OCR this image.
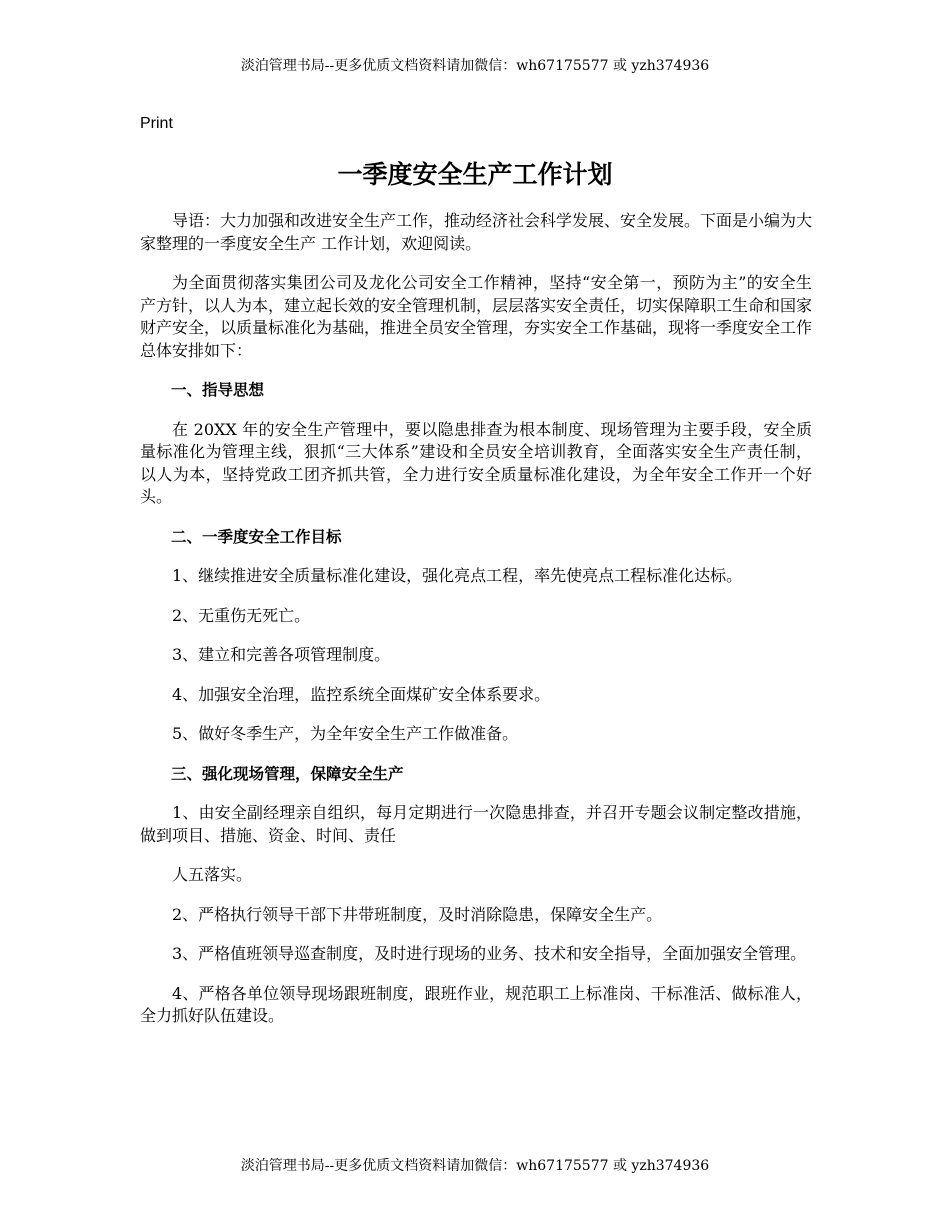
淡泊管理书局--更多优质文档资料请加微信：wh67175577 或 yzh374936
Print
一季度安全生产工作计划

导语：大力加强和改进安全生产工作，推动经济社会科学发展、安全发展。下面是小编为大家整理的一季度安全生产 工作计划，欢迎阅读。

为全面贯彻落实集团公司及龙化公司安全工作精神，坚持“安全第一，预防为主”的安全生产方针，以人为本，建立起长效的安全管理机制，层层落实安全责任，切实保障职工生命和国家财产安全，以质量标准化为基础，推进全员安全管理，夯实安全工作基础，现将一季度安全工作总体安排如下：

一、指导思想

在 20XX 年的安全生产管理中，要以隐患排查为根本制度、现场管理为主要手段，安全质量标准化为管理主线，狠抓“三大体系”建设和全员安全培训教育，全面落实安全生产责任制，以人为本，坚持党政工团齐抓共管，全力进行安全质量标准化建设，为全年安全工作开一个好头。

二、一季度安全工作目标

1、继续推进安全质量标准化建设，强化亮点工程，率先使亮点工程标准化达标。

2、无重伤无死亡。

3、建立和完善各项管理制度。

4、加强安全治理，监控系统全面煤矿安全体系要求。

5、做好冬季生产，为全年安全生产工作做准备。

三、强化现场管理，保障安全生产

1、由安全副经理亲自组织，每月定期进行一次隐患排查，并召开专题会议制定整改措施，做到项目、措施、资金、时间、责任

人五落实。

2、严格执行领导干部下井带班制度，及时消除隐患，保障安全生产。

3、严格值班领导巡查制度，及时进行现场的业务、技术和安全指导，全面加强安全管理。

4、严格各单位领导现场跟班制度，跟班作业，规范职工上标准岗、干标准活、做标准人，全力抓好队伍建设。

淡泊管理书局--更多优质文档资料请加微信：wh67175577 或 yzh374936
